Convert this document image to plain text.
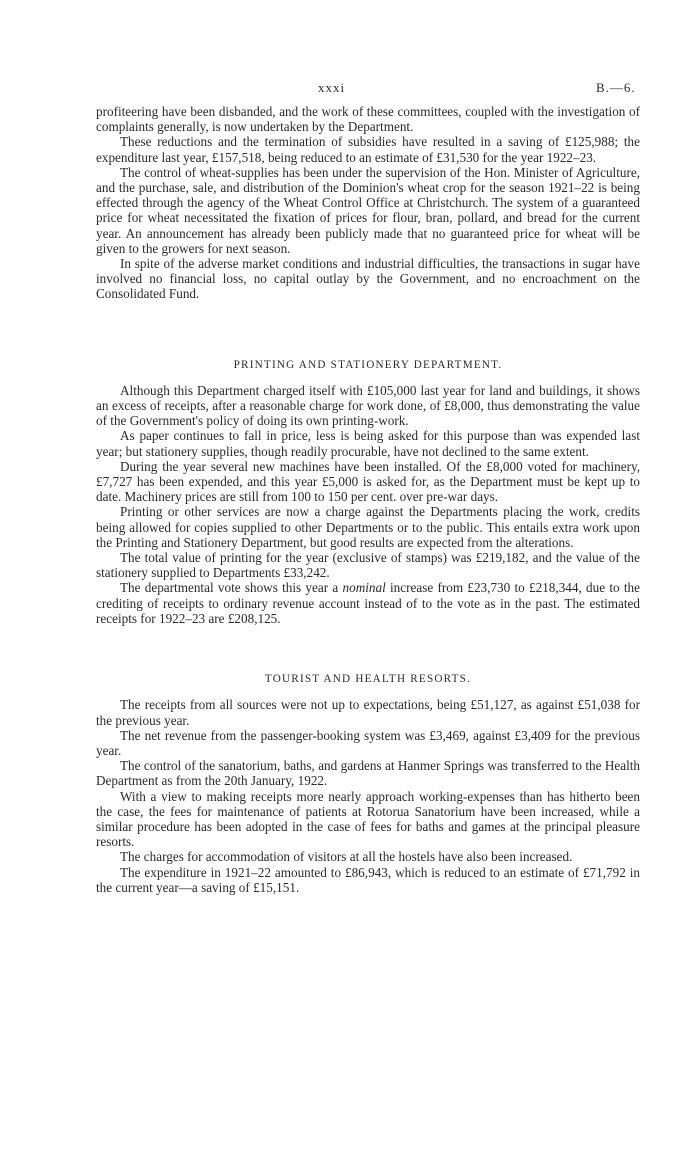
xxxi	B.—6.

profiteering have been disbanded, and the work of these committees, coupled with the investigation of complaints generally, is now undertaken by the Department.

These reductions and the termination of subsidies have resulted in a saving of £125,988; the expenditure last year, £157,518, being reduced to an estimate of £31,530 for the year 1922–23.

The control of wheat-supplies has been under the supervision of the Hon. Minister of Agriculture, and the purchase, sale, and distribution of the Dominion's wheat crop for the season 1921–22 is being effected through the agency of the Wheat Control Office at Christchurch. The system of a guaranteed price for wheat necessitated the fixation of prices for flour, bran, pollard, and bread for the current year. An announcement has already been publicly made that no guaranteed price for wheat will be given to the growers for next season.

In spite of the adverse market conditions and industrial difficulties, the transactions in sugar have involved no financial loss, no capital outlay by the Government, and no encroachment on the Consolidated Fund.

PRINTING AND STATIONERY DEPARTMENT.

Although this Department charged itself with £105,000 last year for land and buildings, it shows an excess of receipts, after a reasonable charge for work done, of £8,000, thus demonstrating the value of the Government's policy of doing its own printing-work.

As paper continues to fall in price, less is being asked for this purpose than was expended last year; but stationery supplies, though readily procurable, have not declined to the same extent.

During the year several new machines have been installed. Of the £8,000 voted for machinery, £7,727 has been expended, and this year £5,000 is asked for, as the Department must be kept up to date. Machinery prices are still from 100 to 150 per cent. over pre-war days.

Printing or other services are now a charge against the Departments placing the work, credits being allowed for copies supplied to other Departments or to the public. This entails extra work upon the Printing and Stationery Department, but good results are expected from the alterations.

The total value of printing for the year (exclusive of stamps) was £219,182, and the value of the stationery supplied to Departments £33,242.

The departmental vote shows this year a nominal increase from £23,730 to £218,344, due to the crediting of receipts to ordinary revenue account instead of to the vote as in the past. The estimated receipts for 1922–23 are £208,125.

TOURIST AND HEALTH RESORTS.

The receipts from all sources were not up to expectations, being £51,127, as against £51,038 for the previous year.

The net revenue from the passenger-booking system was £3,469, against £3,409 for the previous year.

The control of the sanatorium, baths, and gardens at Hanmer Springs was transferred to the Health Department as from the 20th January, 1922.

With a view to making receipts more nearly approach working-expenses than has hitherto been the case, the fees for maintenance of patients at Rotorua Sanatorium have been increased, while a similar procedure has been adopted in the case of fees for baths and games at the principal pleasure resorts.

The charges for accommodation of visitors at all the hostels have also been increased.

The expenditure in 1921–22 amounted to £86,943, which is reduced to an estimate of £71,792 in the current year—a saving of £15,151.
